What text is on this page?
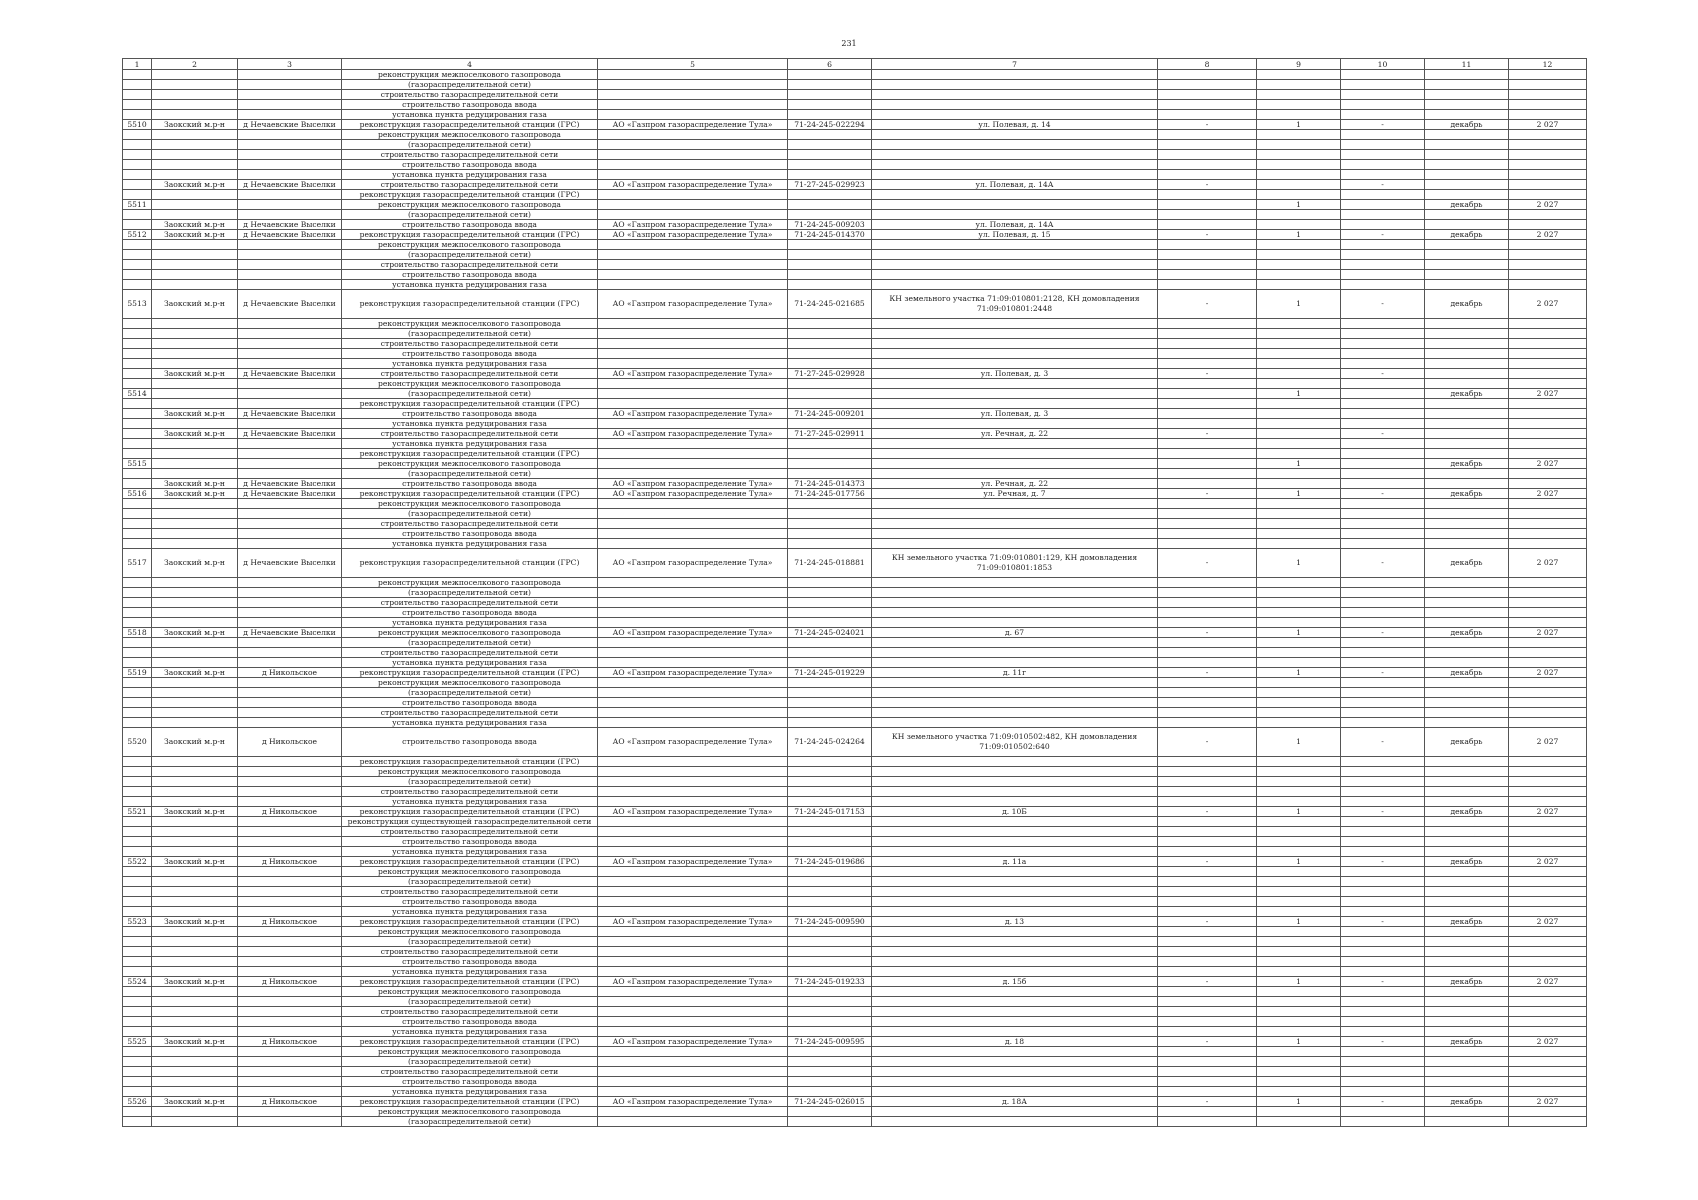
231
1	2	3	4	5	6	7	8	9	10	11	12
			реконструкция межпоселкового газопровода								
			(газораспределительной сети)								
			строительство газораспределительной сети								
			строительство газопровода ввода								
			установка пункта редуцирования газа								
5510	Заокский м.р-н	д Нечаевские Выселки	реконструкция газораспределительной станции (ГРС)	АО «Газпром газораспределение Тула»	71-24-245-022294	ул. Полевая, д. 14	-	1	-	декабрь	2 027
			реконструкция межпоселкового газопровода								
			(газораспределительной сети)								
			строительство газораспределительной сети								
			строительство газопровода ввода								
			установка пункта редуцирования газа								
	Заокский м.р-н	д Нечаевские Выселки	строительство газораспределительной сети	АО «Газпром газораспределение Тула»	71-27-245-029923	ул. Полевая, д. 14А	-		-		
			реконструкция газораспределительной станции (ГРС)								
5511			реконструкция межпоселкового газопровода					1		декабрь	2 027
			(газораспределительной сети)								
	Заокский м.р-н	д Нечаевские Выселки	строительство газопровода ввода	АО «Газпром газораспределение Тула»	71-24-245-009203	ул. Полевая, д. 14А					
5512	Заокский м.р-н	д Нечаевские Выселки	реконструкция газораспределительной станции (ГРС)	АО «Газпром газораспределение Тула»	71-24-245-014370	ул. Полевая, д. 15	-	1	-	декабрь	2 027
			реконструкция межпоселкового газопровода								
			(газораспределительной сети)								
			строительство газораспределительной сети								
			строительство газопровода ввода								
			установка пункта редуцирования газа								
5513	Заокский м.р-н	д Нечаевские Выселки	реконструкция газораспределительной станции (ГРС)	АО «Газпром газораспределение Тула»	71-24-245-021685	КН земельного участка 71:09:010801:2128, КН домовладения 71:09:010801:2448	-	1	-	декабрь	2 027
			реконструкция межпоселкового газопровода								
			(газораспределительной сети)								
			строительство газораспределительной сети								
			строительство газопровода ввода								
			установка пункта редуцирования газа								
	Заокский м.р-н	д Нечаевские Выселки	строительство газораспределительной сети	АО «Газпром газораспределение Тула»	71-27-245-029928	ул. Полевая, д. 3	-		-		
			реконструкция межпоселкового газопровода								
5514			(газораспределительной сети)					1		декабрь	2 027
			реконструкция газораспределительной станции (ГРС)								
	Заокский м.р-н	д Нечаевские Выселки	строительство газопровода ввода	АО «Газпром газораспределение Тула»	71-24-245-009201	ул. Полевая, д. 3					
			установка пункта редуцирования газа								
	Заокский м.р-н	д Нечаевские Выселки	строительство газораспределительной сети	АО «Газпром газораспределение Тула»	71-27-245-029911	ул. Речная, д. 22	-		-		
			установка пункта редуцирования газа								
			реконструкция газораспределительной станции (ГРС)								
5515			реконструкция межпоселкового газопровода					1		декабрь	2 027
			(газораспределительной сети)								
	Заокский м.р-н	д Нечаевские Выселки	строительство газопровода ввода	АО «Газпром газораспределение Тула»	71-24-245-014373	ул. Речная, д. 22					
5516	Заокский м.р-н	д Нечаевские Выселки	реконструкция газораспределительной станции (ГРС)	АО «Газпром газораспределение Тула»	71-24-245-017756	ул. Речная, д. 7	-	1	-	декабрь	2 027
			реконструкция межпоселкового газопровода								
			(газораспределительной сети)								
			строительство газораспределительной сети								
			строительство газопровода ввода								
			установка пункта редуцирования газа								
5517	Заокский м.р-н	д Нечаевские Выселки	реконструкция газораспределительной станции (ГРС)	АО «Газпром газораспределение Тула»	71-24-245-018881	КН земельного участка 71:09:010801:129, КН домовладения 71:09:010801:1853	-	1	-	декабрь	2 027
			реконструкция межпоселкового газопровода								
			(газораспределительной сети)								
			строительство газораспределительной сети								
			строительство газопровода ввода								
			установка пункта редуцирования газа								
5518	Заокский м.р-н	д Нечаевские Выселки	реконструкция межпоселкового газопровода	АО «Газпром газораспределение Тула»	71-24-245-024021	д. 67	-	1	-	декабрь	2 027
			(газораспределительной сети)								
			строительство газораспределительной сети								
			установка пункта редуцирования газа								
5519	Заокский м.р-н	д Никольское	реконструкция газораспределительной станции (ГРС)	АО «Газпром газораспределение Тула»	71-24-245-019229	д. 11г	-	1	-	декабрь	2 027
			реконструкция межпоселкового газопровода								
			(газораспределительной сети)								
			строительство газопровода ввода								
			строительство газораспределительной сети								
			установка пункта редуцирования газа								
5520	Заокский м.р-н	д Никольское	строительство газопровода ввода	АО «Газпром газораспределение Тула»	71-24-245-024264	КН земельного участка 71:09:010502:482, КН домовладения 71:09:010502:640	-	1	-	декабрь	2 027
			реконструкция газораспределительной станции (ГРС)								
			реконструкция межпоселкового газопровода								
			(газораспределительной сети)								
			строительство газораспределительной сети								
			установка пункта редуцирования газа								
5521	Заокский м.р-н	д Никольское	реконструкция газораспределительной станции (ГРС)	АО «Газпром газораспределение Тула»	71-24-245-017153	д. 10Б	-	1	-	декабрь	2 027
			реконструкция существующей газораспределительной сети								
			строительство газораспределительной сети								
			строительство газопровода ввода								
			установка пункта редуцирования газа								
5522	Заокский м.р-н	д Никольское	реконструкция газораспределительной станции (ГРС)	АО «Газпром газораспределение Тула»	71-24-245-019686	д. 11а	-	1	-	декабрь	2 027
			реконструкция межпоселкового газопровода								
			(газораспределительной сети)								
			строительство газораспределительной сети								
			строительство газопровода ввода								
			установка пункта редуцирования газа								
5523	Заокский м.р-н	д Никольское	реконструкция газораспределительной станции (ГРС)	АО «Газпром газораспределение Тула»	71-24-245-009590	д. 13	-	1	-	декабрь	2 027
			реконструкция межпоселкового газопровода								
			(газораспределительной сети)								
			строительство газораспределительной сети								
			строительство газопровода ввода								
			установка пункта редуцирования газа								
5524	Заокский м.р-н	д Никольское	реконструкция газораспределительной станции (ГРС)	АО «Газпром газораспределение Тула»	71-24-245-019233	д. 15б	-	1	-	декабрь	2 027
			реконструкция межпоселкового газопровода								
			(газораспределительной сети)								
			строительство газораспределительной сети								
			строительство газопровода ввода								
			установка пункта редуцирования газа								
5525	Заокский м.р-н	д Никольское	реконструкция газораспределительной станции (ГРС)	АО «Газпром газораспределение Тула»	71-24-245-009595	д. 18	-	1	-	декабрь	2 027
			реконструкция межпоселкового газопровода								
			(газораспределительной сети)								
			строительство газораспределительной сети								
			строительство газопровода ввода								
			установка пункта редуцирования газа								
5526	Заокский м.р-н	д Никольское	реконструкция газораспределительной станции (ГРС)	АО «Газпром газораспределение Тула»	71-24-245-026015	д. 18А	-	1	-	декабрь	2 027
			реконструкция межпоселкового газопровода								
			(газораспределительной сети)								
